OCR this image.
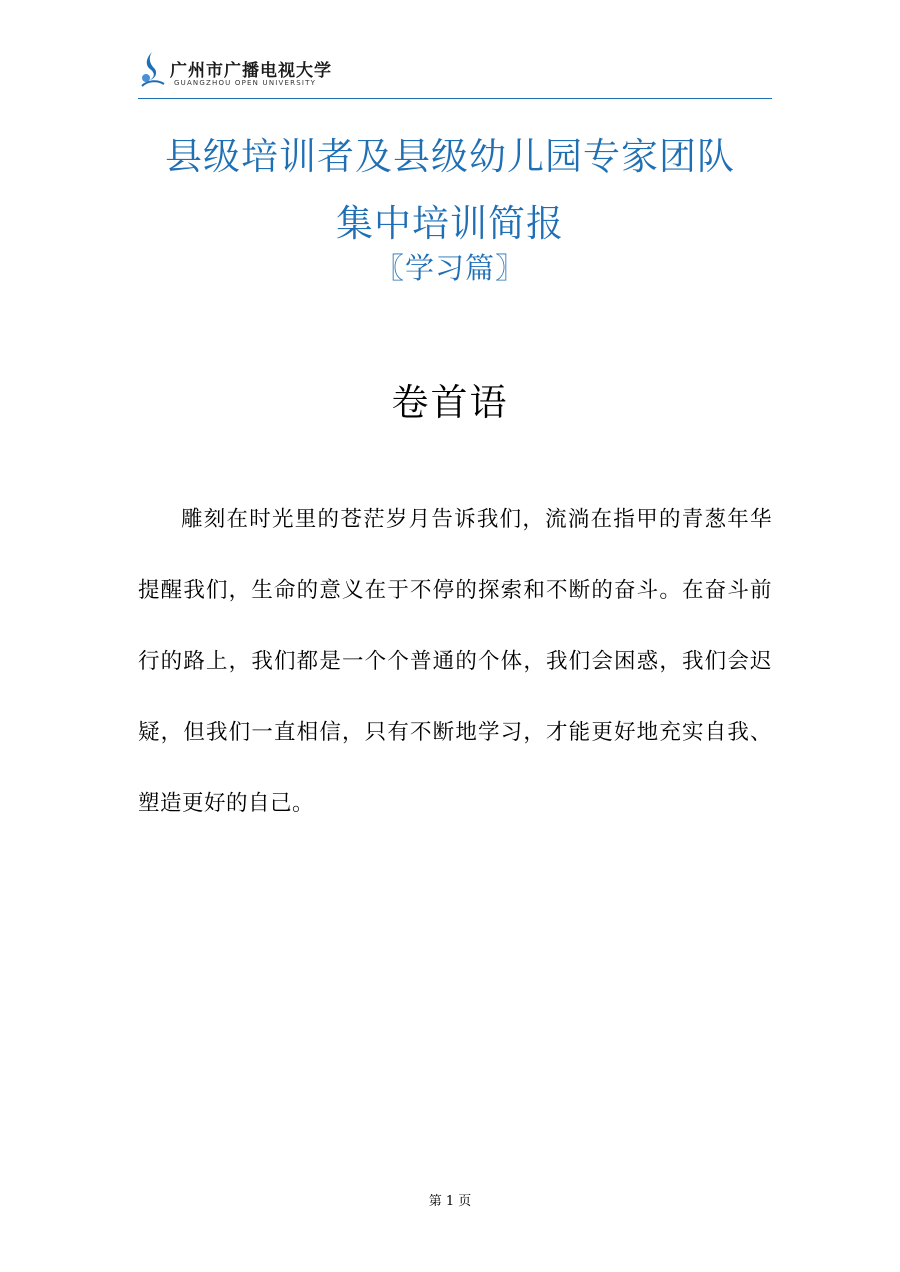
广州市广播电视大学
GUANGZHOU OPEN UNIVERSITY
县级培训者及县级幼儿园专家团队
集中培训简报
〖学习篇〗
卷首语

雕刻在时光里的苍茫岁月告诉我们，流淌在指甲的青葱年华提醒我们，生命的意义在于不停的探索和不断的奋斗。在奋斗前行的路上，我们都是一个个普通的个体，我们会困惑，我们会迟疑，但我们一直相信，只有不断地学习，才能更好地充实自我、塑造更好的自己。

第 1 页
